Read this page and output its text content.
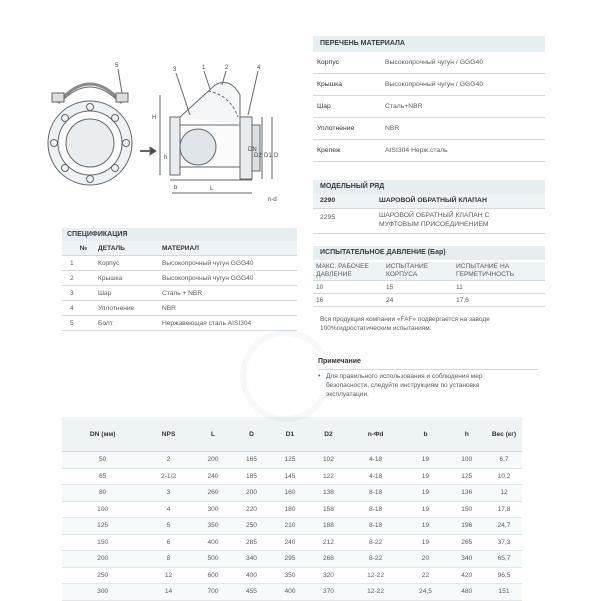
5
3	1	2	4
H
h
b	L
n-d
DN
D2 D1 D
ПЕРЕЧЕНЬ МАТЕРИАЛА
Корпус	Высокопрочный чугун / GGG40
Крышка	Высокопрочный чугун / GGG40
Шар	Сталь+NBR
Уплотнение	NBR
Крепеж	AISI304 Нерж.сталь
МОДЕЛЬНЫЙ РЯД
2290	ШАРОВОЙ ОБРАТНЫЙ КЛАПАН
2295	ШАРОВОЙ ОБРАТНЫЙ КЛАПАН С МУФТОВЫМ ПРИСОЕДИНЕНИЕМ
ИСПЫТАТЕЛЬНОЕ ДАВЛЕНИЕ (Бар)
МАКС. РАБОЧЕЕ ДАВЛЕНИЕ	ИСПЫТАНИЕ КОРПУСА	ИСПЫТАНИЕ НА ГЕРМЕТИЧНОСТЬ
10	15	11
16	24	17,6
Вся продукция компании «FAF» подвергается на заводе 100%гидростатическим испытаниям.
Примечание
• Для правильного использования и соблюдения мер безопасности, следуйте инструкциям по установке эксплуатации.
СПЕЦИФИКАЦИЯ
№	ДЕТАЛЬ	МАТЕРИАЛ
1	Корпус	Высокопрочный чугун GGG40
2	Крышка	Высокопрочный чугун GGG40
3	Шар	Сталь + NBR
4	Уплотнение	NBR
5	Болт	Нержавеющая сталь AISI304
DN (мм)	NPS	L	D	D1	D2	n-Φd	b	h	Вес (кг)
50	2	200	165	125	102	4-18	19	100	6,7
65	2-1/2	240	185	145	122	4-18	19	125	10,2
80	3	260	200	160	138	8-18	19	136	12
100	4	300	220	180	158	8-18	19	150	17,8
125	5	350	250	210	188	8-18	19	196	24,7
150	6	400	285	240	212	8-22	19	265	37,3
200	8	500	340	295	268	8-22	20	340	65,7
250	12	600	400	350	320	12-22	22	420	96,5
300	14	700	455	400	370	12-22	24,5	480	151
